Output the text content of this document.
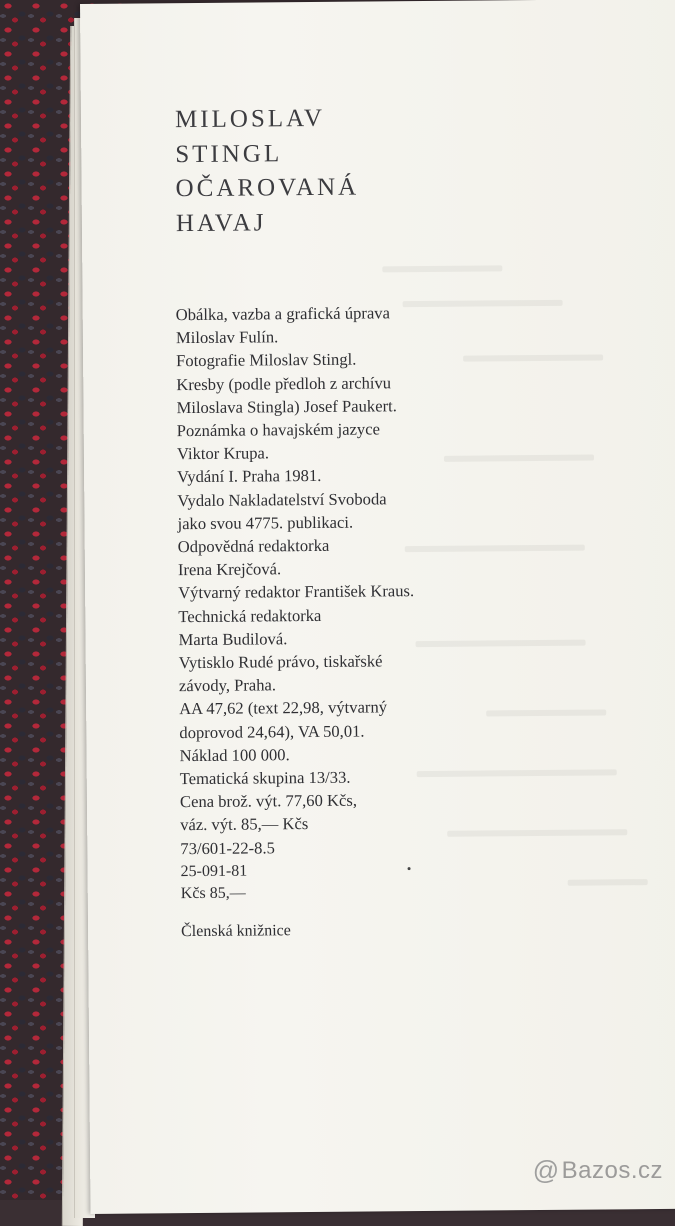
MILOSLAV
STINGL
OČAROVANÁ
HAVAJ
Obálka, vazba a grafická úprava
Miloslav Fulín.
Fotografie Miloslav Stingl.
Kresby (podle předloh z archívu
Miloslava Stingla) Josef Paukert.
Poznámka o havajském jazyce
Viktor Krupa.
Vydání I. Praha 1981.
Vydalo Nakladatelství Svoboda
jako svou 4775. publikaci.
Odpovědná redaktorka
Irena Krejčová.
Výtvarný redaktor František Kraus.
Technická redaktorka
Marta Budilová.
Vytisklo Rudé právo, tiskařské
závody, Praha.
AA 47,62 (text 22,98, výtvarný
doprovod 24,64), VA 50,01.
Náklad 100 000.
Tematická skupina 13/33.
Cena brož. výt. 77,60 Kčs,
váz. výt. 85,— Kčs
73/601-22-8.5
25-091-81
Kčs 85,—
Členská knižnice
@ Bazos.cz
